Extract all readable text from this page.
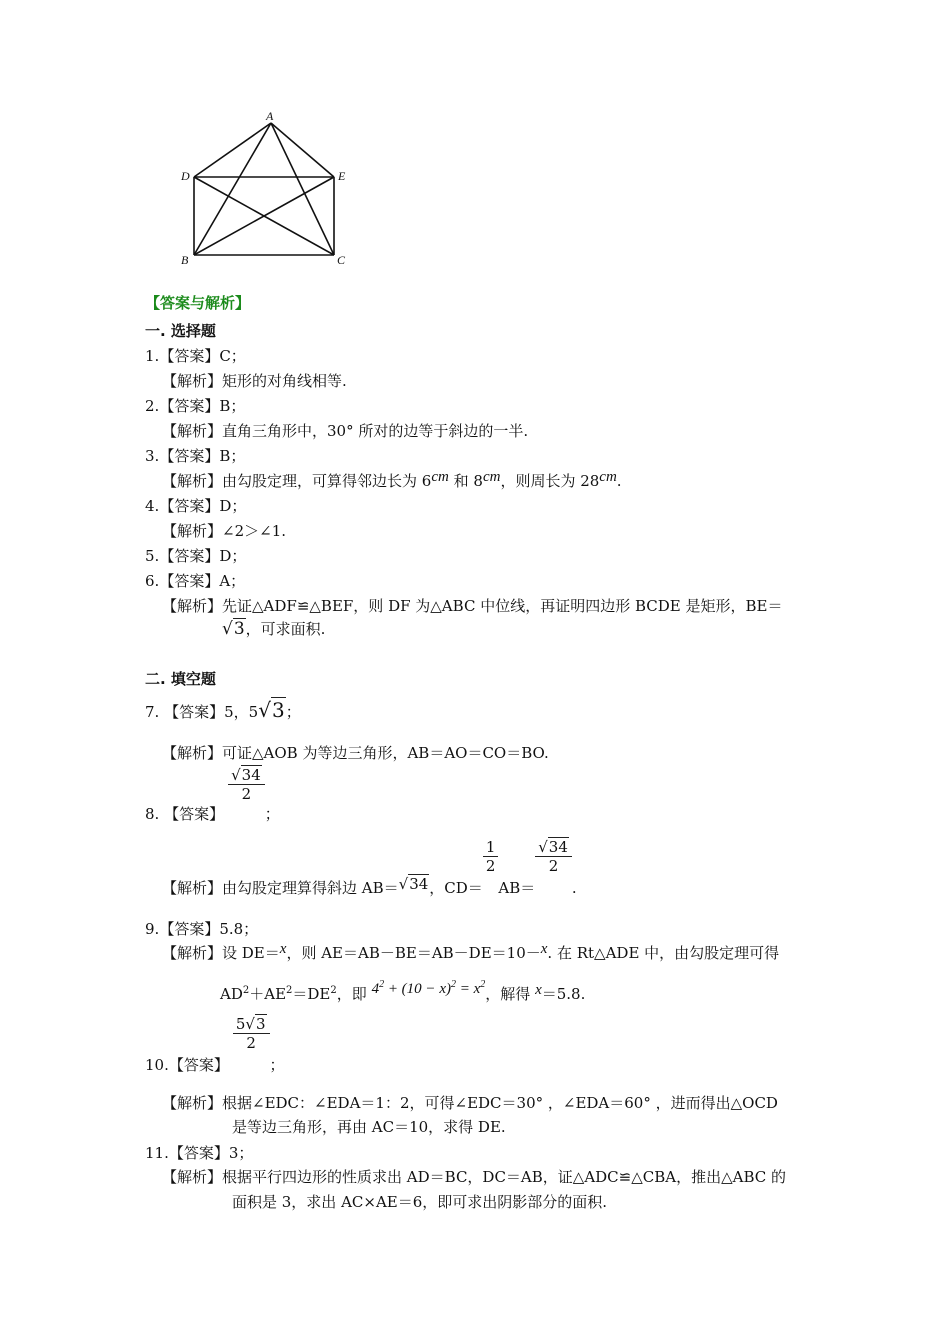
A
D	E
B	C
【答案与解析】
一. 选择题
1.【答案】C；
【解析】矩形的对角线相等.
2.【答案】B；
【解析】直角三角形中，30° 所对的边等于斜边的一半.
3.【答案】B；
【解析】由勾股定理，可算得邻边长为 6cm 和 8cm，则周长为 28cm.
4.【答案】D；
【解析】∠2＞∠1.
5.【答案】D；
6.【答案】A；
【解析】先证△ADF≌△BEF，则 DF 为△ABC 中位线，再证明四边形 BCDE 是矩形，BE＝
√3，可求面积.
二. 填空题
7. 【答案】5，5√3；
【解析】可证△AOB 为等边三角形，AB＝AO＝CO＝BO.
8. 【答案】
$\frac{√34}{2}$
；
【解析】由勾股定理算得斜边 AB＝√34，CD＝
$\frac{1}{2}$
AB＝
$\frac{√34}{2}$
.
9.【答案】5.8；
【解析】设 DE＝x，则 AE＝AB－BE＝AB－DE＝10－x. 在 Rt△ADE 中，由勾股定理可得
$AD^2+AE^2=DE^2$，即 $4^2 + (10 - x)^2 = x^2$，解得 x＝5.8.
10.【答案】
$\frac{5√3}{2}$
；
【解析】根据∠EDC：∠EDA＝1：2，可得∠EDC＝30° ，∠EDA＝60° ，进而得出△OCD
是等边三角形，再由 AC＝10，求得 DE.
11.【答案】3；
【解析】根据平行四边形的性质求出 AD＝BC，DC＝AB，证△ADC≌△CBA，推出△ABC 的
面积是 3，求出 AC×AE＝6，即可求出阴影部分的面积.
